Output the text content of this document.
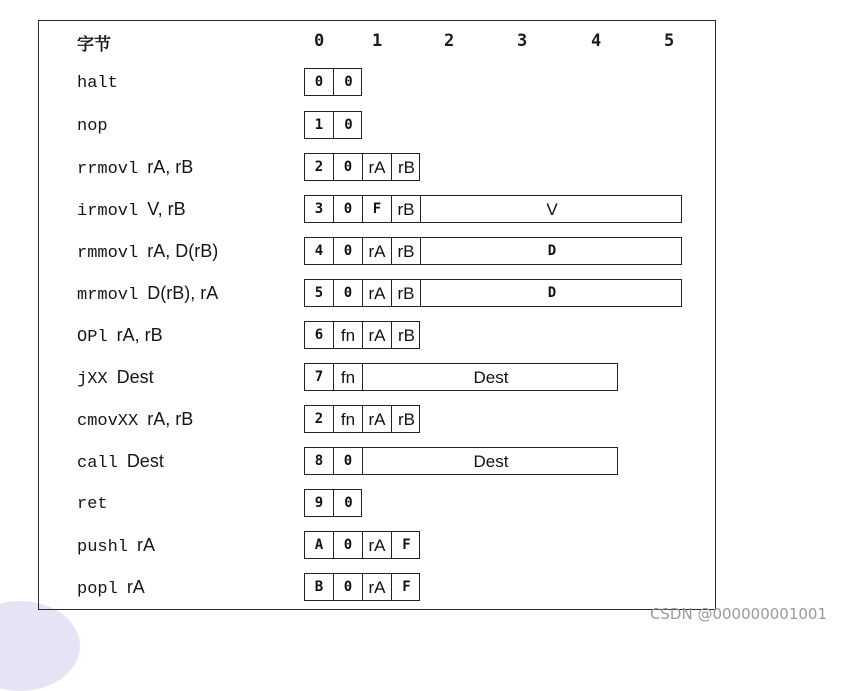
字节	0	1	2	3	4	5
halt	0 0
nop	1 0
rrmovl rA, rB	2 0 rA rB
irmovl V, rB	3 0 F rB	V
rmmovl rA, D(rB)	4 0 rA rB	D
mrmovl D(rB), rA	5 0 rA rB	D
OPl rA, rB	6 fn rA rB
jXX Dest	7 fn	Dest
cmovXX rA, rB	2 fn rA rB
call Dest	8 0	Dest
ret	9 0
pushl rA	A 0 rA F
popl rA	B 0 rA F
CSDN @000000001001
